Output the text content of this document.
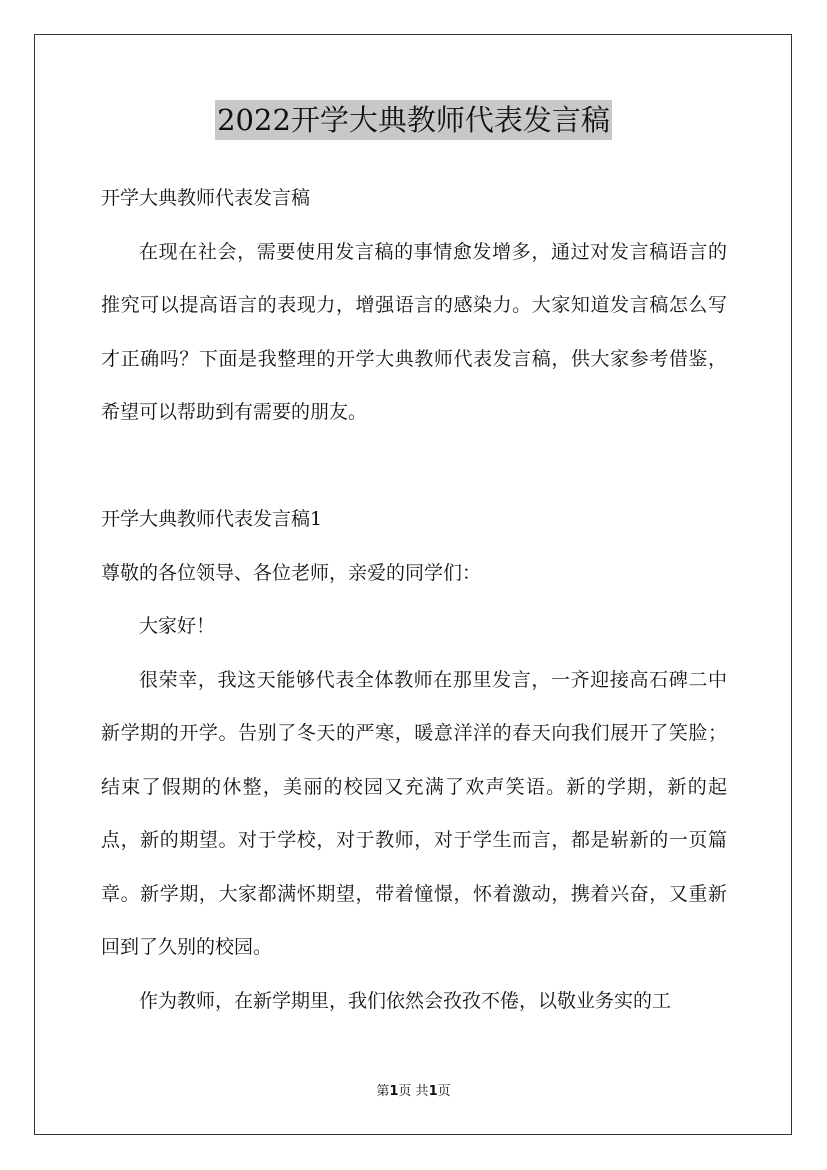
2022开学大典教师代表发言稿
开学大典教师代表发言稿
在现在社会，需要使用发言稿的事情愈发增多，通过对发言稿语言的推究可以提高语言的表现力，增强语言的感染力。大家知道发言稿怎么写才正确吗？下面是我整理的开学大典教师代表发言稿，供大家参考借鉴，希望可以帮助到有需要的朋友。
开学大典教师代表发言稿1
尊敬的各位领导、各位老师，亲爱的同学们：
大家好！
很荣幸，我这天能够代表全体教师在那里发言，一齐迎接高石碑二中新学期的开学。告别了冬天的严寒，暖意洋洋的春天向我们展开了笑脸；结束了假期的休整，美丽的校园又充满了欢声笑语。新的学期，新的起点，新的期望。对于学校，对于教师，对于学生而言，都是崭新的一页篇章。新学期，大家都满怀期望，带着憧憬，怀着激动，携着兴奋，又重新回到了久别的校园。
作为教师，在新学期里，我们依然会孜孜不倦，以敬业务实的工
第1页 共1页
